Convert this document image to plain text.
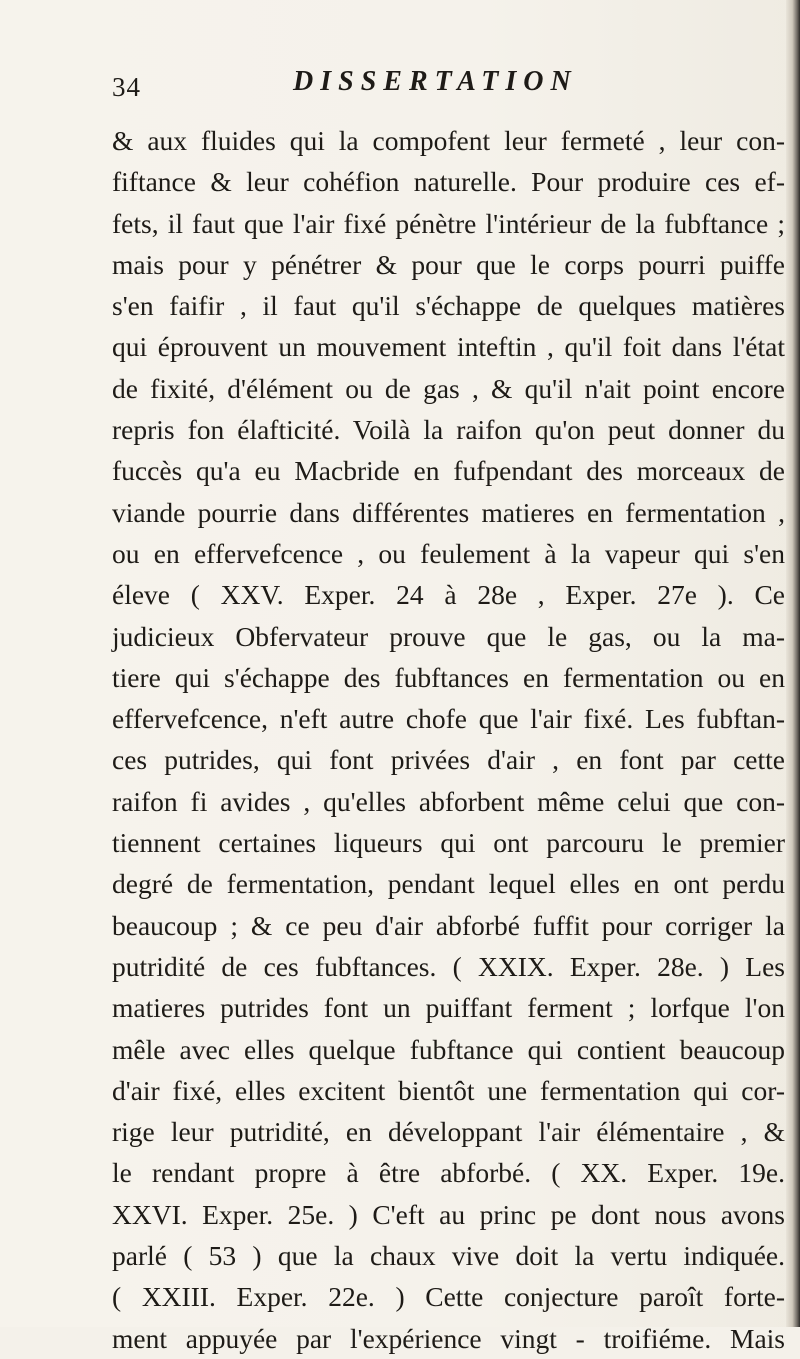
34	DISSERTATION
& aux fluides qui la compofent leur fermeté , leur con-
fiftance & leur cohéfion naturelle. Pour produire ces ef-
fets, il faut que l'air fixé pénètre l'intérieur de la fubftance ;
mais pour y pénétrer & pour que le corps pourri puiffe
s'en faifir , il faut qu'il s'échappe de quelques matières
qui éprouvent un mouvement inteftin , qu'il foit dans l'état
de fixité, d'élément ou de gas , & qu'il n'ait point encore
repris fon élafticité. Voilà la raifon qu'on peut donner du
fuccès qu'a eu Macbride en fufpendant des morceaux de
viande pourrie dans différentes matieres en fermentation ,
ou en effervefcence , ou feulement à la vapeur qui s'en
éleve ( XXV. Exper. 24 à 28e , Exper. 27e ). Ce
judicieux Obfervateur prouve que le gas, ou la ma-
tiere qui s'échappe des fubftances en fermentation ou en
effervefcence, n'eft autre chofe que l'air fixé. Les fubftan-
ces putrides, qui font privées d'air , en font par cette
raifon fi avides , qu'elles abforbent même celui que con-
tiennent certaines liqueurs qui ont parcouru le premier
degré de fermentation, pendant lequel elles en ont perdu
beaucoup ; & ce peu d'air abforbé fuffit pour corriger la
putridité de ces fubftances. ( XXIX. Exper. 28e. ) Les
matieres putrides font un puiffant ferment ; lorfque l'on
mêle avec elles quelque fubftance qui contient beaucoup
d'air fixé, elles excitent bientôt une fermentation qui cor-
rige leur putridité, en développant l'air élémentaire , &
le rendant propre à être abforbé. ( XX. Exper. 19e.
XXVI. Exper. 25e. ) C'eft au princ pe dont nous avons
parlé ( 53 ) que la chaux vive doit la vertu indiquée.
( XXIII. Exper. 22e. ) Cette conjecture paroît forte-
ment appuyée par l'expérience vingt - troifiéme. Mais
